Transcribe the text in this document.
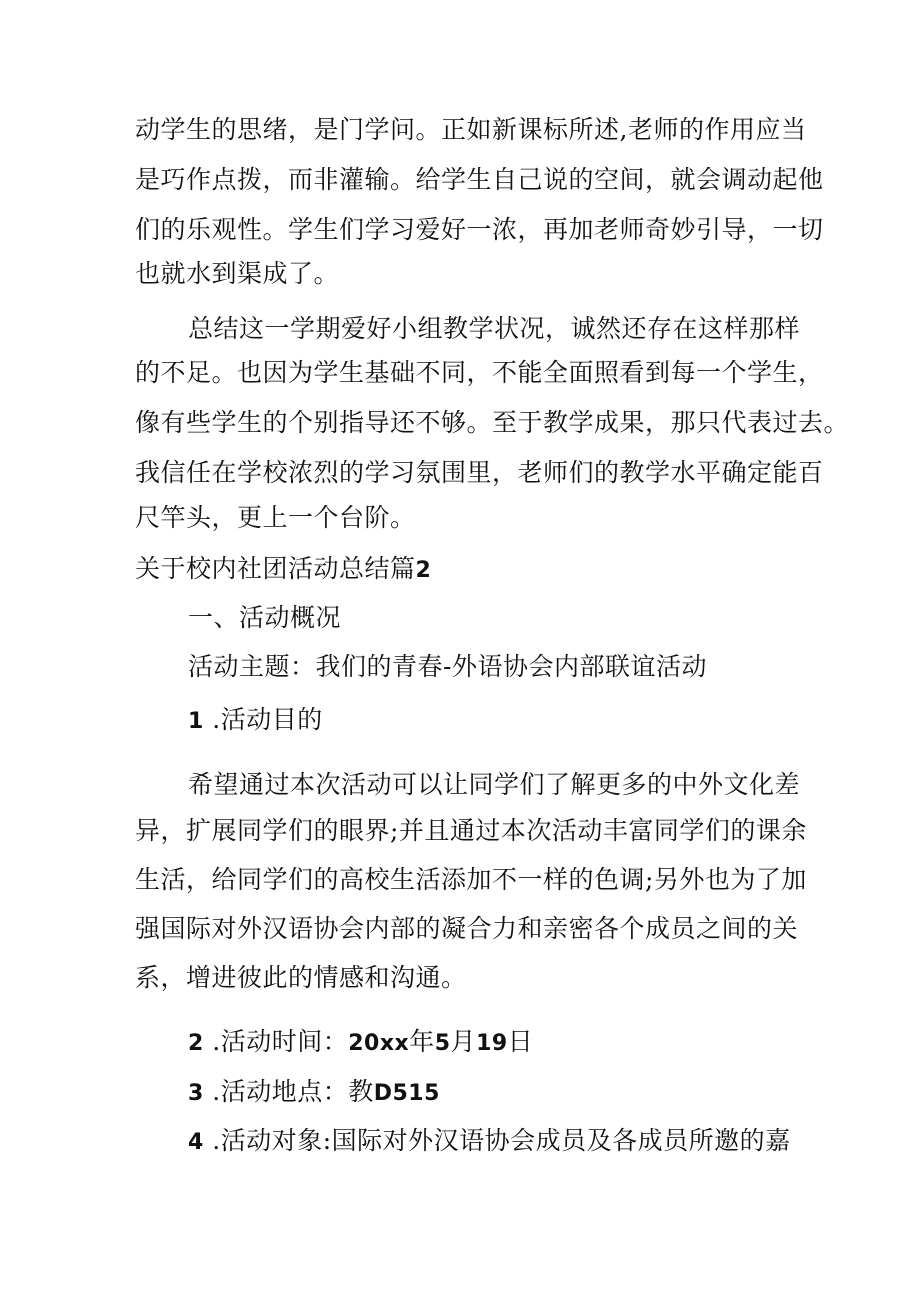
动学生的思绪，是门学问。正如新课标所述,老师的作用应当
是巧作点拨，而非灌输。给学生自己说的空间，就会调动起他
们的乐观性。学生们学习爱好一浓，再加老师奇妙引导，一切
也就水到渠成了。
总结这一学期爱好小组教学状况，诚然还存在这样那样
的不足。也因为学生基础不同，不能全面照看到每一个学生，
像有些学生的个别指导还不够。至于教学成果，那只代表过去。
我信任在学校浓烈的学习氛围里，老师们的教学水平确定能百
尺竿头，更上一个台阶。
关于校内社团活动总结篇2
一、活动概况
活动主题：我们的青春-外语协会内部联谊活动
1 .活动目的
希望通过本次活动可以让同学们了解更多的中外文化差
异，扩展同学们的眼界;并且通过本次活动丰富同学们的课余
生活，给同学们的高校生活添加不一样的色调;另外也为了加
强国际对外汉语协会内部的凝合力和亲密各个成员之间的关
系，增进彼此的情感和沟通。
2 .活动时间：20xx年5月19日
3 .活动地点：教D515
4 .活动对象:国际对外汉语协会成员及各成员所邀的嘉
